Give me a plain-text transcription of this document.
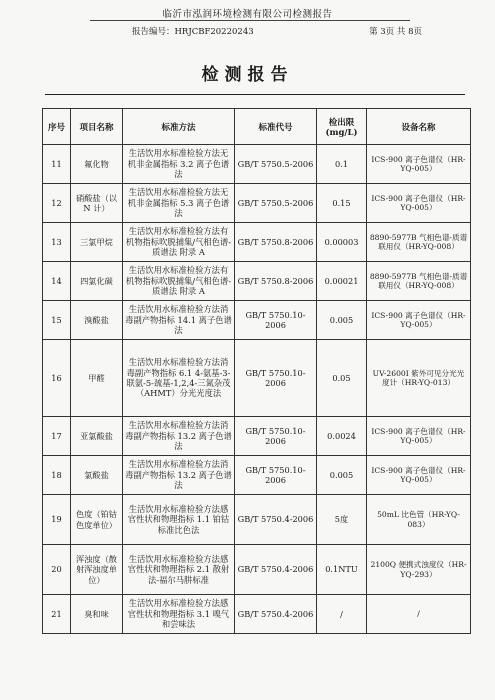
临沂市泓润环境检测有限公司检测报告
报告编号：HRJCBF20220243	第 3页 共 8页
检测报告
序号	项目名称	标准方法	标准代号	检出限 (mg/L)	设备名称
11	氟化物	生活饮用水标准检验方法无机非金属指标 3.2 离子色谱法	GB/T 5750.5-2006	0.1	ICS-900 离子色谱仪（HR-YQ-005）
12	硝酸盐（以 N 计）	生活饮用水标准检验方法无机非金属指标 5.3 离子色谱法	GB/T 5750.5-2006	0.15	ICS-900 离子色谱仪（HR-YQ-005）
13	三氯甲烷	生活饮用水标准检验方法有机物指标吹脱捕集/气相色谱-质谱法 附录 A	GB/T 5750.8-2006	0.00003	8890-5977B 气相色谱-质谱联用仪（HR-YQ-008）
14	四氯化碳	生活饮用水标准检验方法有机物指标吹脱捕集/气相色谱-质谱法 附录 A	GB/T 5750.8-2006	0.00021	8890-5977B 气相色谱-质谱联用仪（HR-YQ-008）
15	溴酸盐	生活饮用水标准检验方法消毒副产物指标 14.1 离子色谱法	GB/T 5750.10-2006	0.005	ICS-900 离子色谱仪（HR-YQ-005）
16	甲醛	生活饮用水标准检验方法消毒副产物指标 6.1 4-氨基-3-联氨-5-巯基-1,2,4-三氮杂茂（AHMT）分光光度法	GB/T 5750.10-2006	0.05	UV-2600I 紫外可见分光光度计（HR-YQ-013）
17	亚氯酸盐	生活饮用水标准检验方法消毒副产物指标 13.2 离子色谱法	GB/T 5750.10-2006	0.0024	ICS-900 离子色谱仪（HR-YQ-005）
18	氯酸盐	生活饮用水标准检验方法消毒副产物指标 13.2 离子色谱法	GB/T 5750.10-2006	0.005	ICS-900 离子色谱仪（HR-YQ-005）
19	色度（铂钴色度单位）	生活饮用水标准检验方法感官性状和物理指标 1.1 铂钴标准比色法	GB/T 5750.4-2006	5度	50mL 比色管（HR-YQ-083）
20	浑浊度（散射浑浊度单位）	生活饮用水标准检验方法感官性状和物理指标 2.1 散射法-福尔马肼标准	GB/T 5750.4-2006	0.1NTU	2100Q 便携式浊度仪（HR-YQ-293）
21	臭和味	生活饮用水标准检验方法感官性状和物理指标 3.1 嗅气和尝味法	GB/T 5750.4-2006	/	/
